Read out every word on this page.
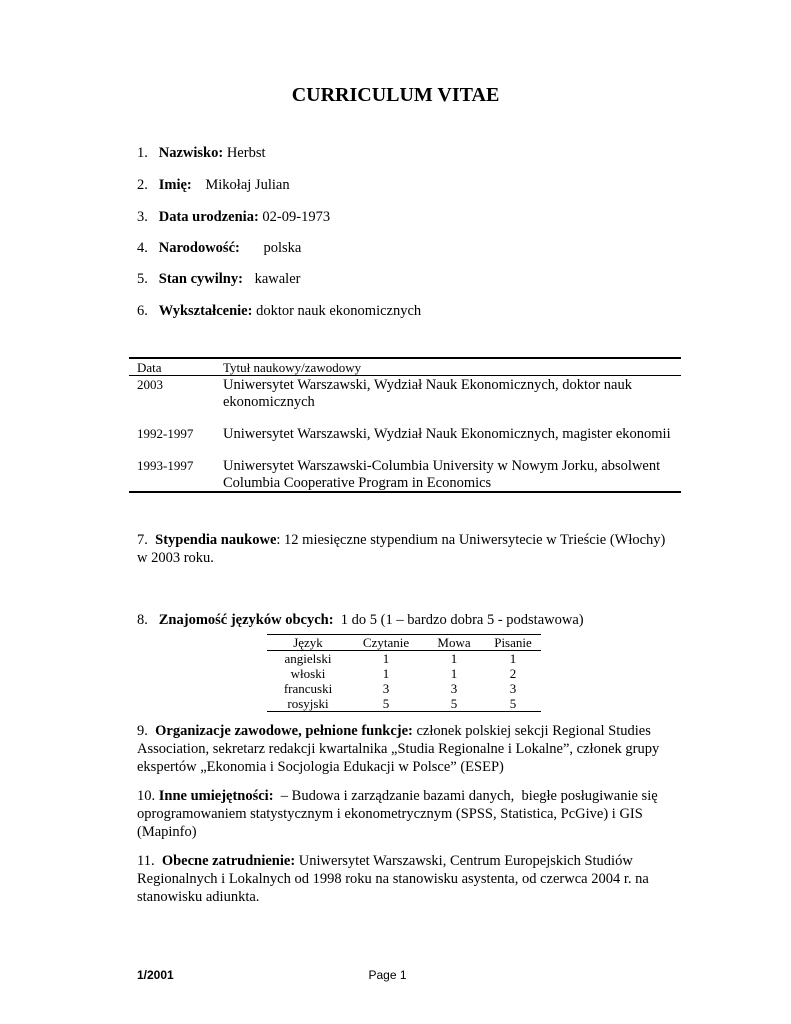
CURRICULUM VITAE
1. Nazwisko: Herbst
2. Imię: Mikołaj Julian
3. Data urodzenia: 02-09-1973
4. Narodowość: polska
5. Stan cywilny: kawaler
6. Wykształcenie: doktor nauk ekonomicznych
Data	Tytuł naukowy/zawodowy
2003	Uniwersytet Warszawski, Wydział Nauk Ekonomicznych, doktor nauk ekonomicznych
1992-1997 Uniwersytet Warszawski, Wydział Nauk Ekonomicznych, magister ekonomii
1993-1997 Uniwersytet Warszawski-Columbia University w Nowym Jorku, absolwent Columbia Cooperative Program in Economics
7. Stypendia naukowe: 12 miesięczne stypendium na Uniwersytecie w Trieście (Włochy) w 2003 roku.
8. Znajomość języków obcych: 1 do 5 (1 – bardzo dobra 5 - podstawowa)
Język	Czytanie	Mowa	Pisanie
angielski	1	1	1
włoski	1	1	2
francuski	3	3	3
rosyjski	5	5	5
9. Organizacje zawodowe, pełnione funkcje: członek polskiej sekcji Regional Studies Association, sekretarz redakcji kwartalnika „Studia Regionalne i Lokalne”, członek grupy ekspertów „Ekonomia i Socjologia Edukacji w Polsce” (ESEP)
10. Inne umiejętności:  – Budowa i zarządzanie bazami danych,  biegłe posługiwanie się oprogramowaniem statystycznym i ekonometrycznym (SPSS, Statistica, PcGive) i GIS (Mapinfo)
11. Obecne zatrudnienie: Uniwersytet Warszawski, Centrum Europejskich Studiów Regionalnych i Lokalnych od 1998 roku na stanowisku asystenta, od czerwca 2004 r. na stanowisku adiunkta.
1/2001	Page 1
